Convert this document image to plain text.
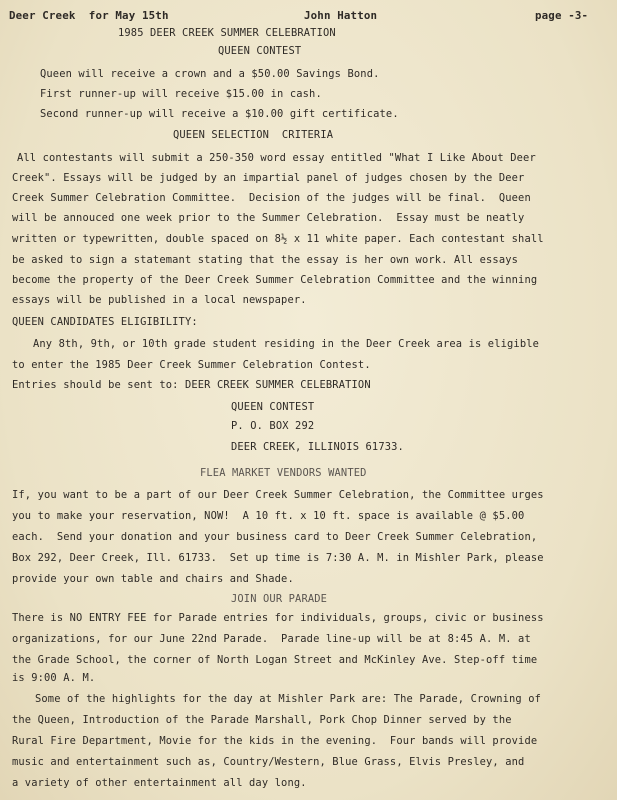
Deer Creek  for May 15th	John Hatton	page -3-
1985 DEER CREEK SUMMER CELEBRATION
QUEEN CONTEST
Queen will receive a crown and a $50.00 Savings Bond.
First runner-up will receive $15.00 in cash.
Second runner-up will receive a $10.00 gift certificate.
QUEEN SELECTION  CRITERIA
All contestants will submit a 250-350 word essay entitled "What I Like About Deer
Creek". Essays will be judged by an impartial panel of judges chosen by the Deer
Creek Summer Celebration Committee.  Decision of the judges will be final.  Queen
will be annouced one week prior to the Summer Celebration.  Essay must be neatly
written or typewritten, double spaced on 8½ x 11 white paper. Each contestant shall
be asked to sign a statemant stating that the essay is her own work. All essays
become the property of the Deer Creek Summer Celebration Committee and the winning
essays will be published in a local newspaper.
QUEEN CANDIDATES ELIGIBILITY:
Any 8th, 9th, or 10th grade student residing in the Deer Creek area is eligible
to enter the 1985 Deer Creek Summer Celebration Contest.
Entries should be sent to: DEER CREEK SUMMER CELEBRATION
QUEEN CONTEST
P. O. BOX 292
DEER CREEK, ILLINOIS 61733.
FLEA MARKET VENDORS WANTED
If, you want to be a part of our Deer Creek Summer Celebration, the Committee urges
you to make your reservation, NOW!  A 10 ft. x 10 ft. space is available @ $5.00
each.  Send your donation and your business card to Deer Creek Summer Celebration,
Box 292, Deer Creek, Ill. 61733.  Set up time is 7:30 A. M. in Mishler Park, please
provide your own table and chairs and Shade.
JOIN OUR PARADE
There is NO ENTRY FEE for Parade entries for individuals, groups, civic or business
organizations, for our June 22nd Parade.  Parade line-up will be at 8:45 A. M. at
the Grade School, the corner of North Logan Street and McKinley Ave. Step-off time
is 9:00 A. M.
Some of the highlights for the day at Mishler Park are: The Parade, Crowning of
the Queen, Introduction of the Parade Marshall, Pork Chop Dinner served by the
Rural Fire Department, Movie for the kids in the evening.  Four bands will provide
music and entertainment such as, Country/Western, Blue Grass, Elvis Presley, and
a variety of other entertainment all day long.
